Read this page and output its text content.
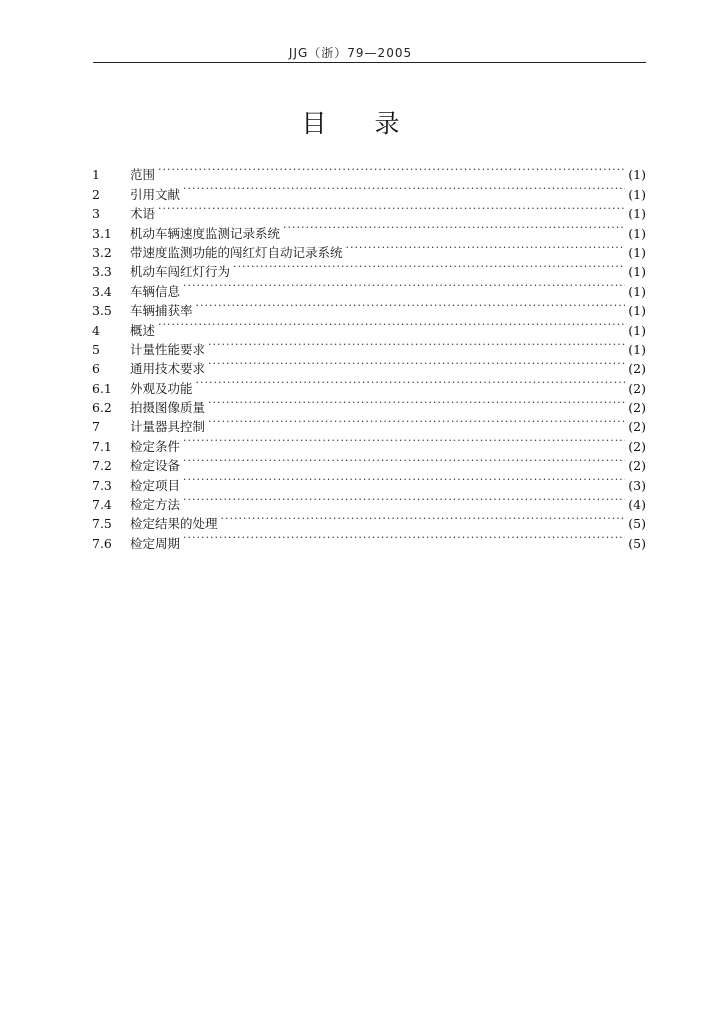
JJG（浙）79—2005
目 录
1	范围 ·····	(1)
2	引用文献 ·····	(1)
3	术语 ·····	(1)
3.1	机动车辆速度监测记录系统 ·····	(1)
3.2	带速度监测功能的闯红灯自动记录系统 ·····	(1)
3.3	机动车闯红灯行为 ·····	(1)
3.4	车辆信息 ·····	(1)
3.5	车辆捕获率 ·····	(1)
4	概述 ·····	(1)
5	计量性能要求 ·····	(1)
6	通用技术要求 ·····	(2)
6.1	外观及功能 ·····	(2)
6.2	拍摄图像质量 ·····	(2)
7	计量器具控制 ·····	(2)
7.1	检定条件 ·····	(2)
7.2	检定设备 ·····	(2)
7.3	检定项目 ·····	(3)
7.4	检定方法 ·····	(4)
7.5	检定结果的处理 ·····	(5)
7.6	检定周期 ·····	(5)
